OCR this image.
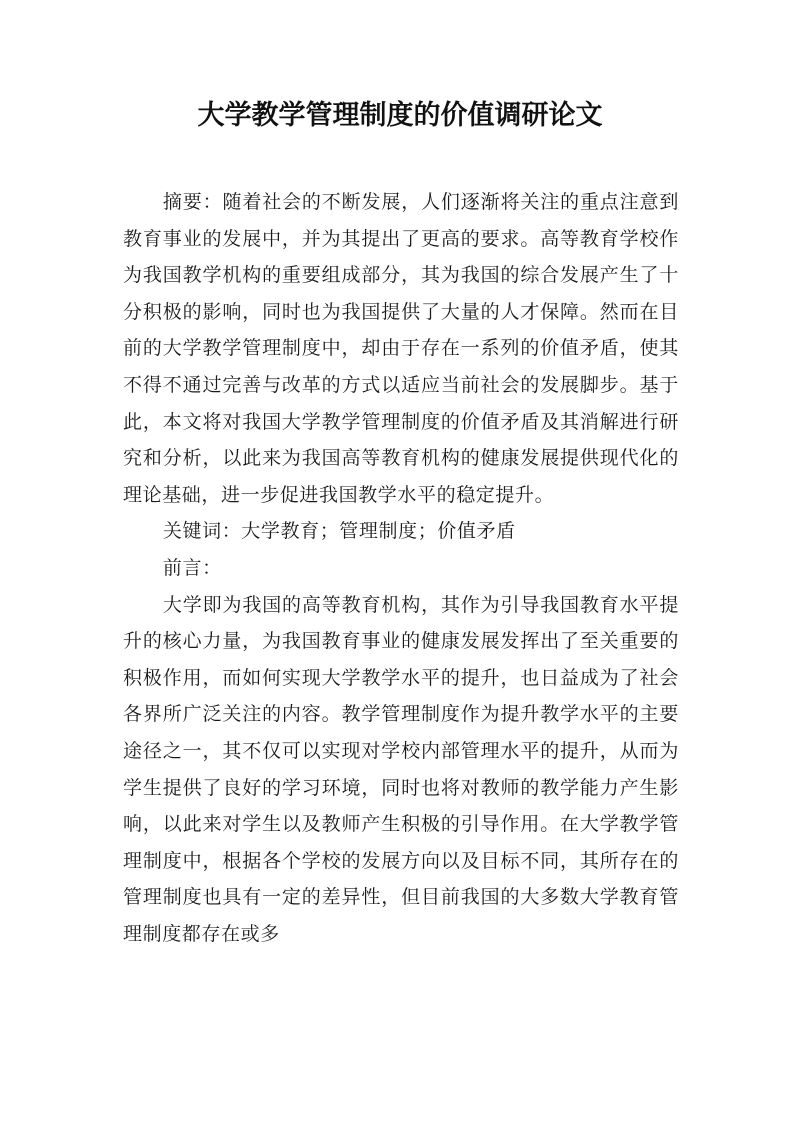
大学教学管理制度的价值调研论文

摘要：随着社会的不断发展，人们逐渐将关注的重点注意到教育事业的发展中，并为其提出了更高的要求。高等教育学校作为我国教学机构的重要组成部分，其为我国的综合发展产生了十分积极的影响，同时也为我国提供了大量的人才保障。然而在目前的大学教学管理制度中，却由于存在一系列的价值矛盾，使其不得不通过完善与改革的方式以适应当前社会的发展脚步。基于此，本文将对我国大学教学管理制度的价值矛盾及其消解进行研究和分析，以此来为我国高等教育机构的健康发展提供现代化的理论基础，进一步促进我国教学水平的稳定提升。

关键词：大学教育；管理制度；价值矛盾

前言：

大学即为我国的高等教育机构，其作为引导我国教育水平提升的核心力量，为我国教育事业的健康发展发挥出了至关重要的积极作用，而如何实现大学教学水平的提升，也日益成为了社会各界所广泛关注的内容。教学管理制度作为提升教学水平的主要途径之一，其不仅可以实现对学校内部管理水平的提升，从而为学生提供了良好的学习环境，同时也将对教师的教学能力产生影响，以此来对学生以及教师产生积极的引导作用。在大学教学管理制度中，根据各个学校的发展方向以及目标不同，其所存在的管理制度也具有一定的差异性，但目前我国的大多数大学教育管理制度都存在或多
